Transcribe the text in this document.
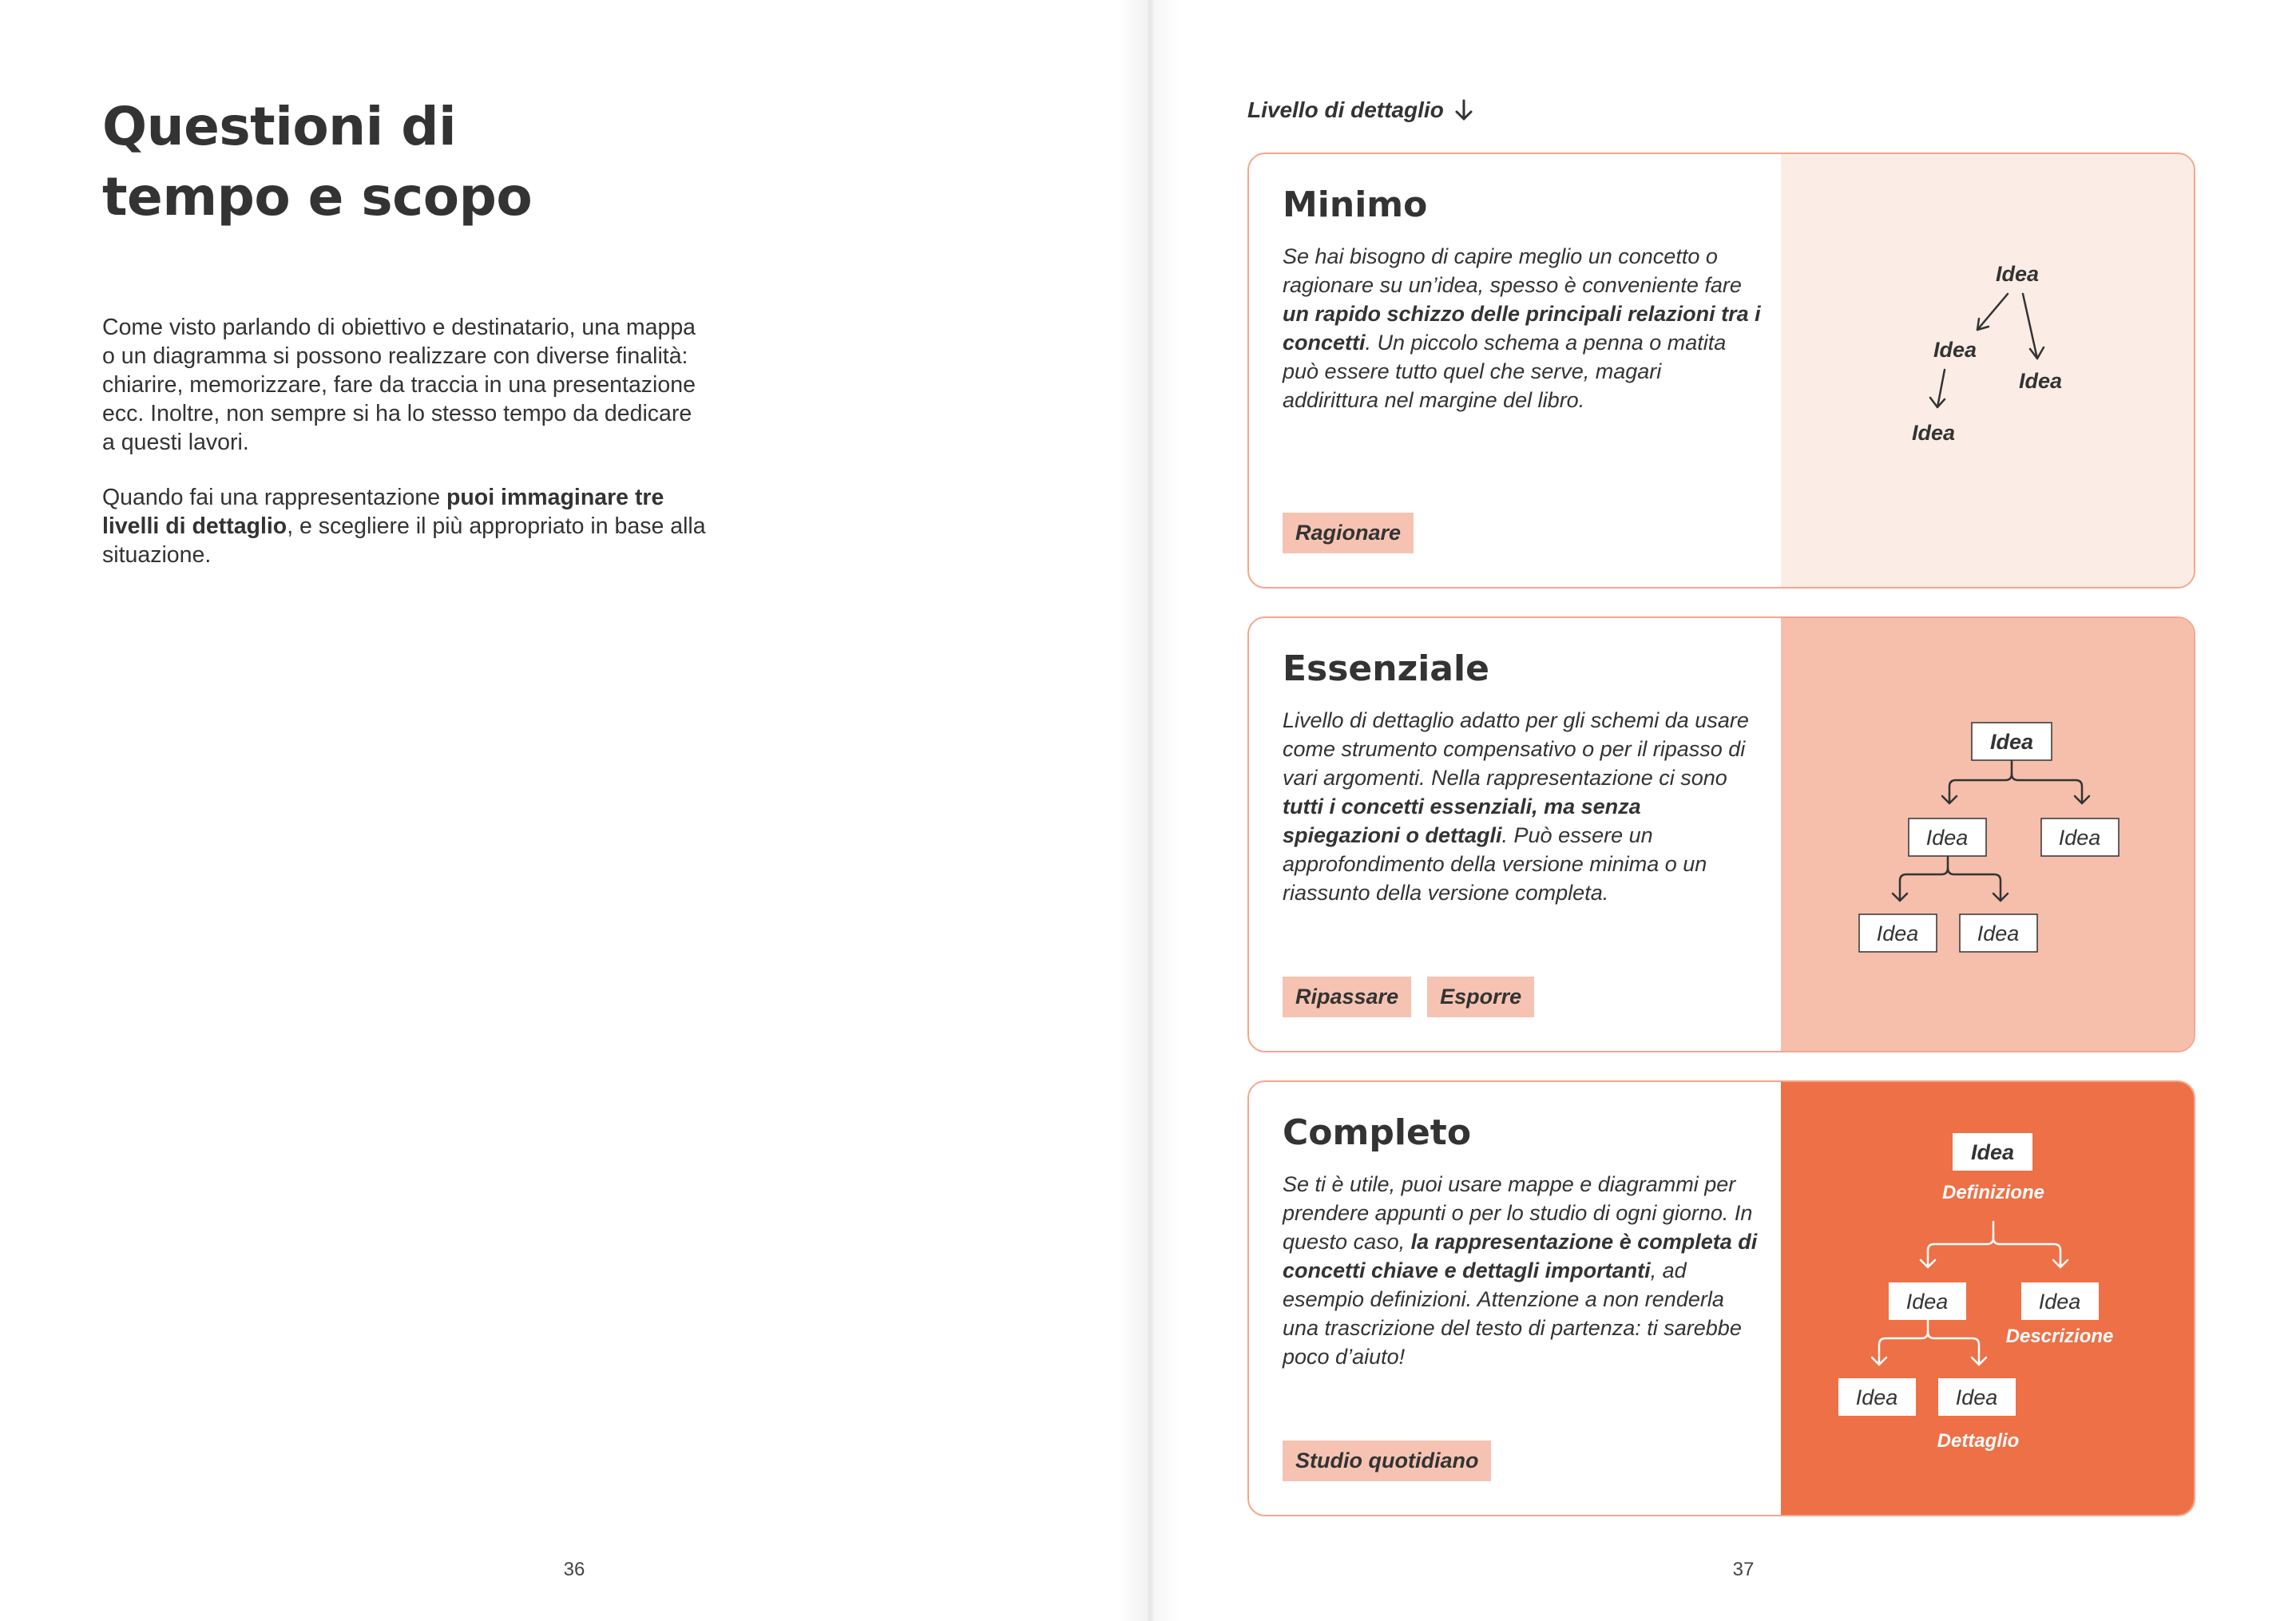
Questioni di
tempo e scopo

Come visto parlando di obiettivo e destinatario, una mappa o un diagramma si possono realizzare con diverse finalità: chiarire, memorizzare, fare da traccia in una presentazione ecc. Inoltre, non sempre si ha lo stesso tempo da dedicare a questi lavori.

Quando fai una rappresentazione puoi immaginare tre livelli di dettaglio, e scegliere il più appropriato in base alla situazione.

36	37
Livello di dettaglio
Minimo

Se hai bisogno di capire meglio un concetto o ragionare su un’idea, spesso è conveniente fare un rapido schizzo delle principali relazioni tra i concetti. Un piccolo schema a penna o matita può essere tutto quel che serve, magari addirittura nel margine del libro.

Ragionare
Idea
Idea
Idea
Idea
Essenziale

Livello di dettaglio adatto per gli schemi da usare come strumento compensativo o per il ripasso di vari argomenti. Nella rappresentazione ci sono tutti i concetti essenziali, ma senza spiegazioni o dettagli. Può essere un approfondimento della versione minima o un riassunto della versione completa.

Ripassare	Esporre
Idea
Idea	Idea
Idea	Idea
Completo

Se ti è utile, puoi usare mappe e diagrammi per prendere appunti o per lo studio di ogni giorno. In questo caso, la rappresentazione è completa di concetti chiave e dettagli importanti, ad esempio definizioni. Attenzione a non renderla una trascrizione del testo di partenza: ti sarebbe poco d’aiuto!

Studio quotidiano
Idea
Idea	Idea
Idea	Idea
Definizione
Descrizione
Dettaglio
